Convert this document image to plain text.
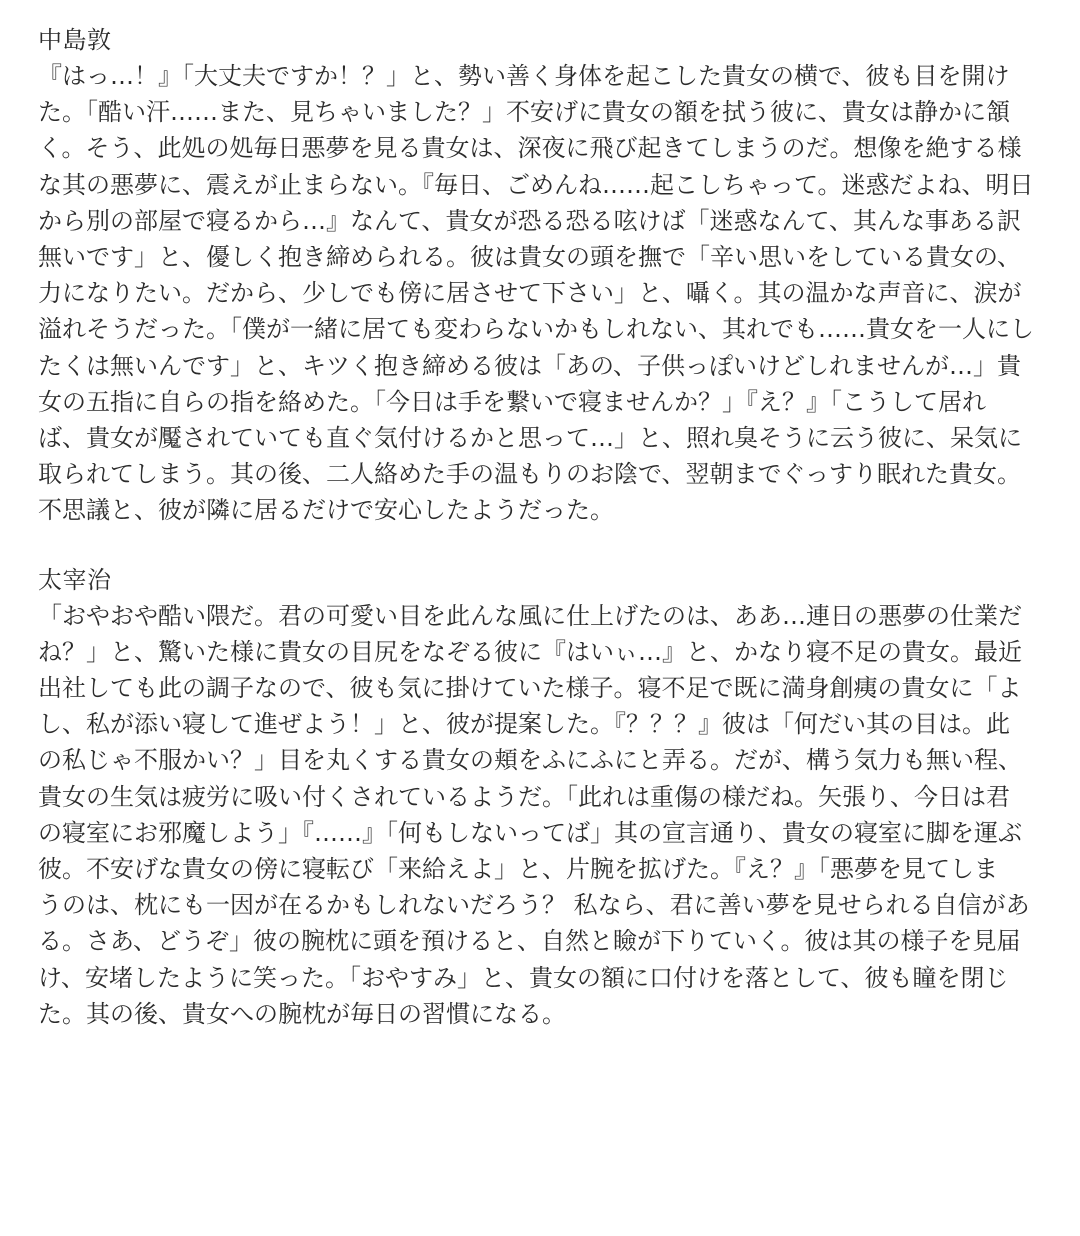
中島敦

『はっ…！』「大丈夫ですか！？」と、勢い善く身体を起こした貴女の横で、彼も目を開け

た。「酷い汗……また、見ちゃいました？」不安げに貴女の額を拭う彼に、貴女は静かに頷

く。そう、此処の処毎日悪夢を見る貴女は、深夜に飛び起きてしまうのだ。想像を絶する様

な其の悪夢に、震えが止まらない。『毎日、ごめんね……起こしちゃって。迷惑だよね、明日

から別の部屋で寝るから…』なんて、貴女が恐る恐る呟けば「迷惑なんて、其んな事ある訳

無いです」と、優しく抱き締められる。彼は貴女の頭を撫で「辛い思いをしている貴女の、

力になりたい。だから、少しでも傍に居させて下さい」と、囁く。其の温かな声音に、涙が

溢れそうだった。「僕が一緒に居ても変わらないかもしれない、其れでも……貴女を一人にし

たくは無いんです」と、キツく抱き締める彼は「あの、子供っぽいけどしれませんが…」貴

女の五指に自らの指を絡めた。「今日は手を繋いで寝ませんか？」『え？』「こうして居れ

ば、貴女が魘されていても直ぐ気付けるかと思って…」と、照れ臭そうに云う彼に、呆気に

取られてしまう。其の後、二人絡めた手の温もりのお陰で、翌朝までぐっすり眠れた貴女。

不思議と、彼が隣に居るだけで安心したようだった。

太宰治

「おやおや酷い隈だ。君の可愛い目を此んな風に仕上げたのは、ああ…連日の悪夢の仕業だ

ね？」と、驚いた様に貴女の目尻をなぞる彼に『はいぃ…』と、かなり寝不足の貴女。最近

出社しても此の調子なので、彼も気に掛けていた様子。寝不足で既に満身創痍の貴女に「よ

し、私が添い寝して進ぜよう！」と、彼が提案した。『？？？』彼は「何だい其の目は。此

の私じゃ不服かい？」目を丸くする貴女の頬をふにふにと弄る。だが、構う気力も無い程、

貴女の生気は疲労に吸い付くされているようだ。「此れは重傷の様だね。矢張り、今日は君

の寝室にお邪魔しよう」『……』「何もしないってば」其の宣言通り、貴女の寝室に脚を運ぶ

彼。不安げな貴女の傍に寝転び「来給えよ」と、片腕を拡げた。『え？』「悪夢を見てしま

うのは、枕にも一因が在るかもしれないだろう？ 私なら、君に善い夢を見せられる自信があ

る。さあ、どうぞ」彼の腕枕に頭を預けると、自然と瞼が下りていく。彼は其の様子を見届

け、安堵したように笑った。「おやすみ」と、貴女の額に口付けを落として、彼も瞳を閉じ

た。其の後、貴女への腕枕が毎日の習慣になる。
